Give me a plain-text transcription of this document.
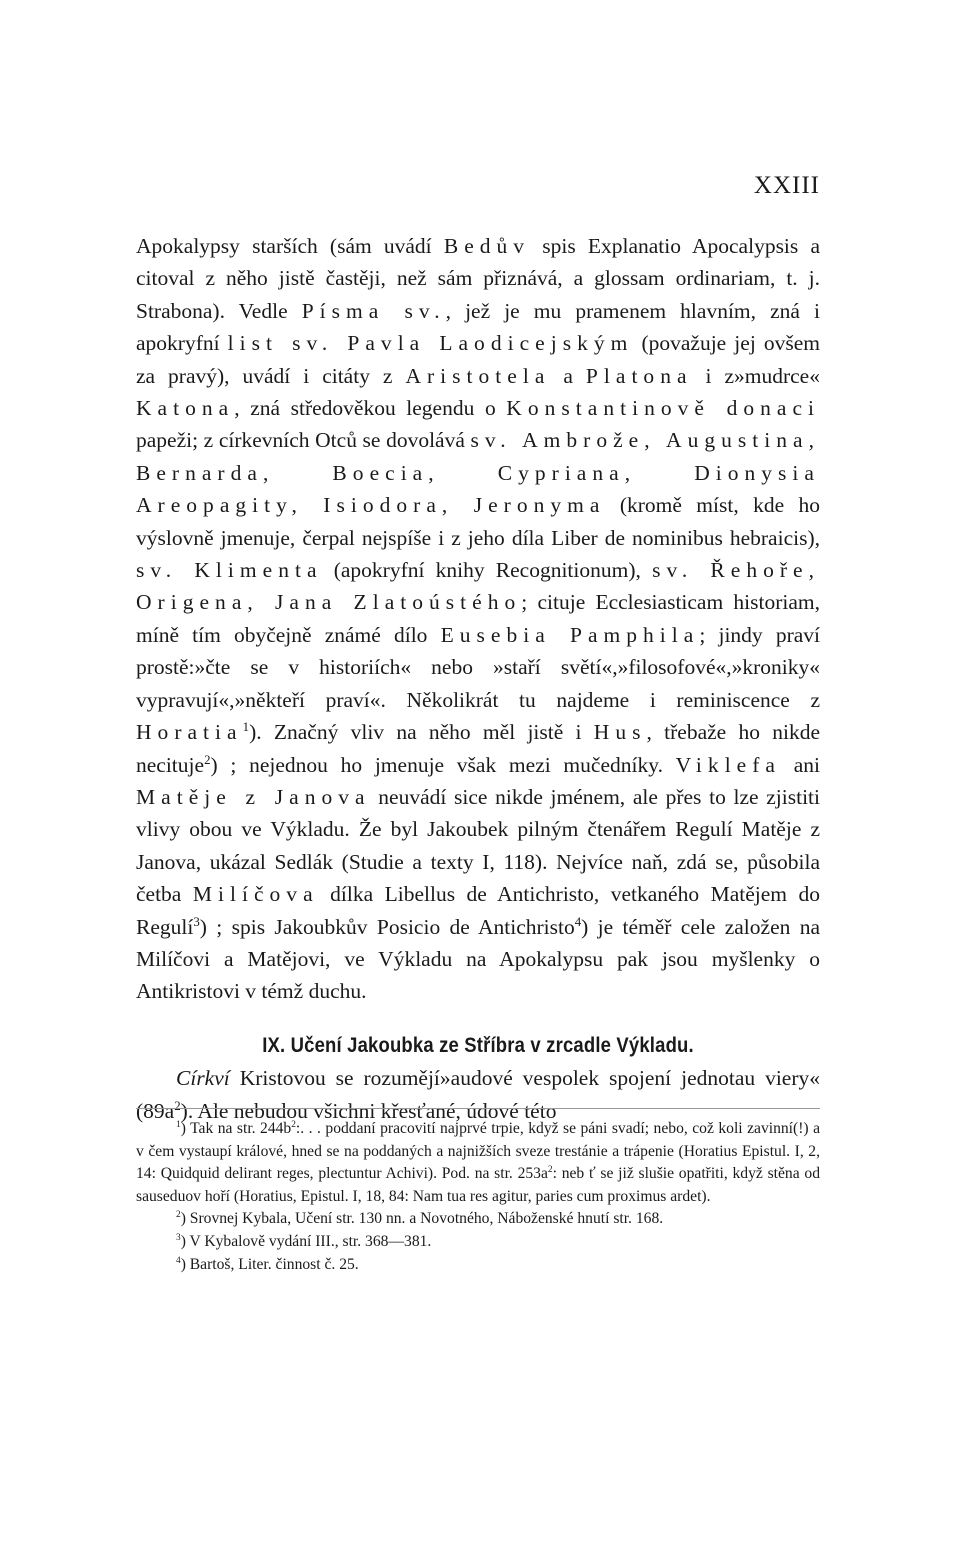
XXIII

Apokalypsy starších (sám uvádí Bedův spis Explanatio Apocalypsis a citoval z něho jistě častěji, než sám přiznává, a glossam ordinariam, t. j. Strabona). Vedle Písma sv., jež je mu pramenem hlavním, zná i apokryfní list sv. Pavla Laodicejským (považuje jej ovšem za pravý), uvádí i citáty z Aristotela a Platona i z»mudrce« Katona, zná středověkou legendu o Konstantinově donaci papeži; z církevních Otců se dovolává sv. Ambrože, Augustina, Bernarda, Boecia, Cypriana, Dionysia Areopagity, Isiodora, Jeronyma (kromě míst, kde ho výslovně jmenuje, čerpal nejspíše i z jeho díla Liber de nominibus hebraicis), sv. Klimenta (apokryfní knihy Recognitionum), sv. Řehoře, Origena, Jana Zlatoústého; cituje Ecclesiasticam historiam, míně tím obyčejně známé dílo Eusebia Pamphila; jindy praví prostě:»čte se v historiích« nebo »staří světí«,»filosofové«,»kroniky« vypravují«,»někteří praví«. Několikrát tu najdeme i reminiscence z Horatia$^1$). Značný vliv na něho měl jistě i Hus, třebaže ho nikde necituje$^2$) ; nejednou ho jmenuje však mezi mučedníky. Viklefa ani Matěje z Janova neuvádí sice nikde jménem, ale přes to lze zjistiti vlivy obou ve Výkladu. Že byl Jakoubek pilným čtenářem Regulí Matěje z Janova, ukázal Sedlák (Studie a texty I, 118). Nejvíce naň, zdá se, působila četba Milíčova dílka Libellus de Antichristo, vetkaného Matějem do Regulí$^3$) ; spis Jakoubkův Posicio de Antichristo$^4$) je téměř cele založen na Milíčovi a Matějovi, ve Výkladu na Apokalypsu pak jsou myšlenky o Antikristovi v témž duchu.

IX. Učení Jakoubka ze Stříbra v zrcadle Výkladu.

Církví Kristovou se rozumějí»audové vespolek spojení jednotau viery« $(89a^2)$. Ale nebudou všichni křesťané, údové této

$^1$) Tak na str. $244b^2$:. . . poddaní pracovití najprvé trpie, když se páni svadí; nebo, což koli zavinní(!) a v čem vystaupí králové, hned se na poddaných a najnižších sveze trestánie a trápenie (Horatius Epistul. I, 2, 14: Quidquid delirant reges, plectuntur Achivi). Pod. na str. $253a^2$: neb ť se již slušie opatřiti, když stěna od sauseduov hoří (Horatius, Epistul. I, 18, 84: Nam tua res agitur, paries cum proximus ardet).

$^2$) Srovnej Kybala, Učení str. 130 nn. a Novotného, Náboženské hnutí str. 168.

$^3$) V Kybalově vydání III., str. 368—381.

$^4$) Bartoš, Liter. činnost č. 25.
